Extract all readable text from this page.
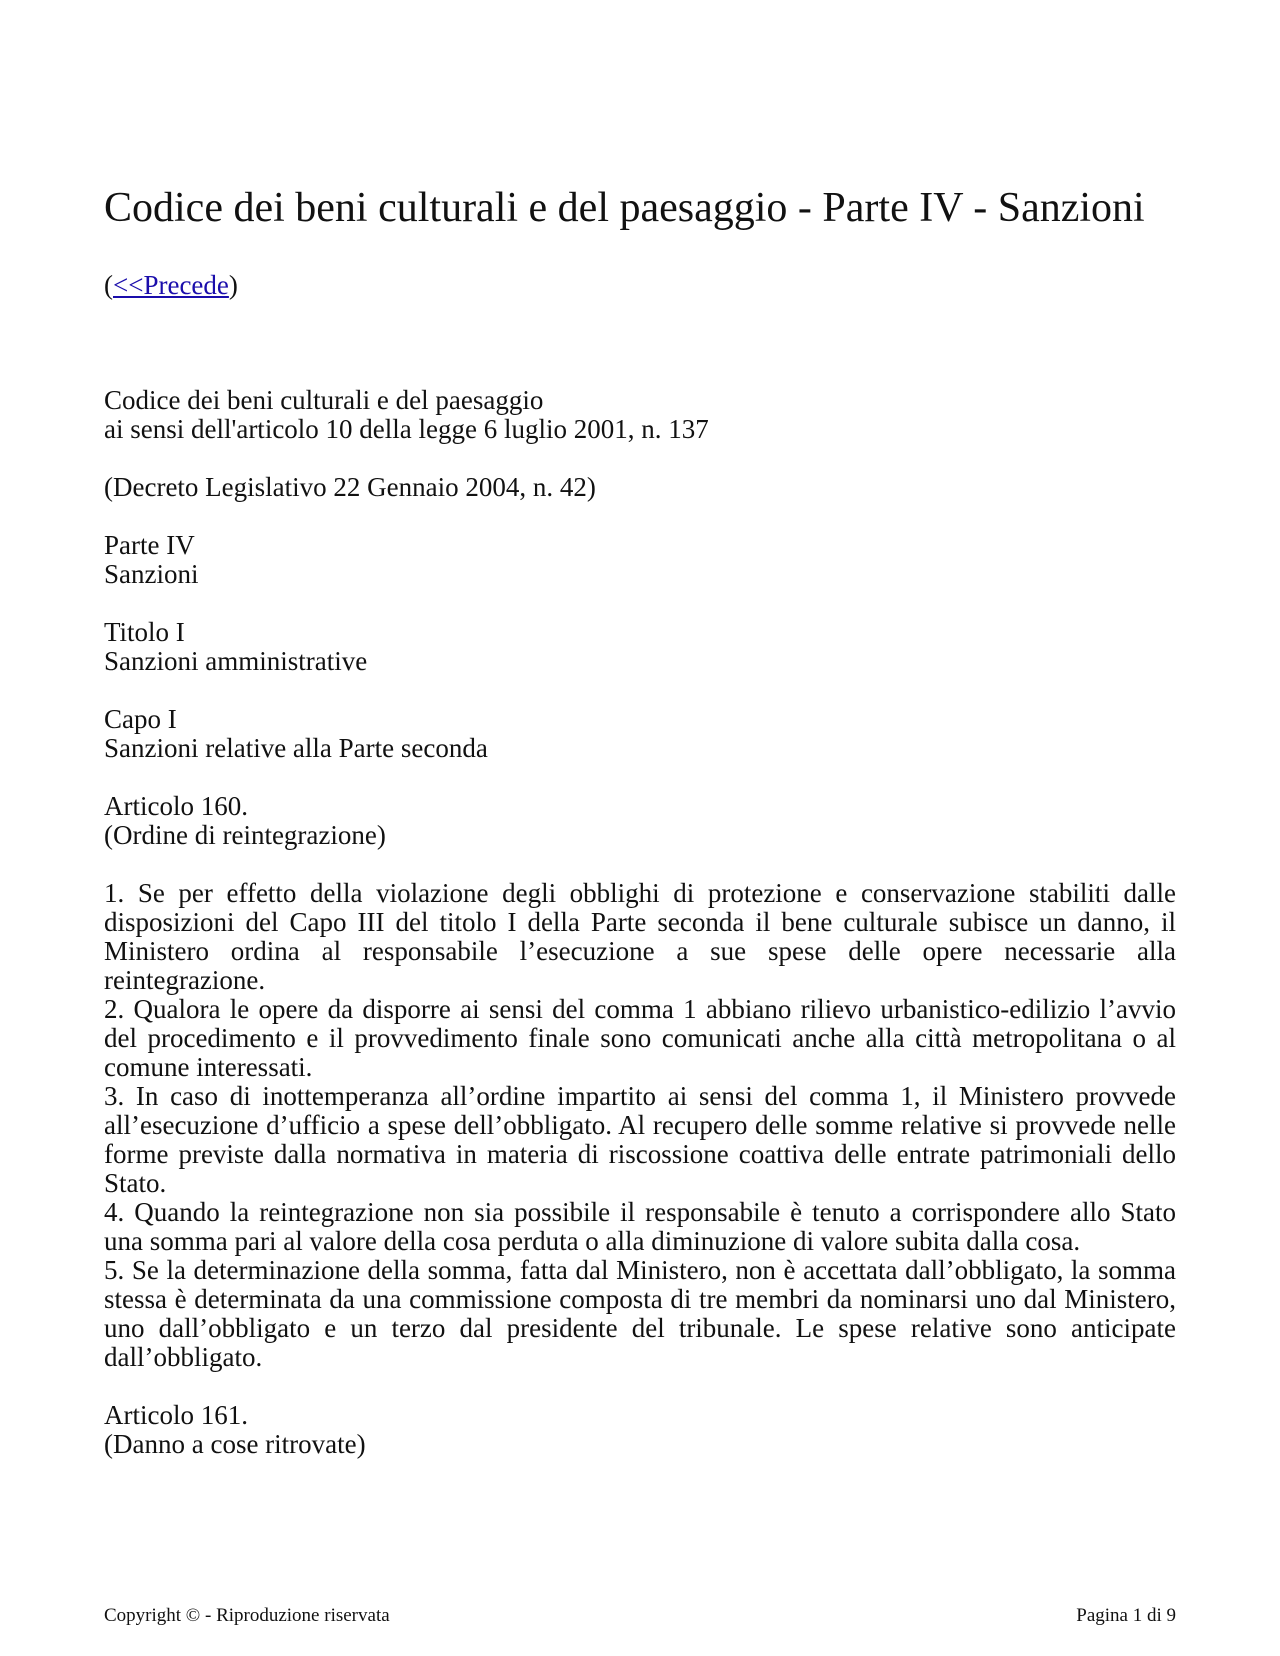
Codice dei beni culturali e del paesaggio - Parte IV - Sanzioni
(<<Precede)
Codice dei beni culturali e del paesaggio
ai sensi dell'articolo 10 della legge 6 luglio 2001, n. 137
(Decreto Legislativo 22 Gennaio 2004, n. 42)
Parte IV
Sanzioni
Titolo I
Sanzioni amministrative
Capo I
Sanzioni relative alla Parte seconda
Articolo 160.
(Ordine di reintegrazione)

1. Se per effetto della violazione degli obblighi di protezione e conservazione stabiliti dalle disposizioni del Capo III del titolo I della Parte seconda il bene culturale subisce un danno, il Ministero ordina al responsabile l’esecuzione a sue spese delle opere necessarie alla reintegrazione.

2. Qualora le opere da disporre ai sensi del comma 1 abbiano rilievo urbanistico-edilizio l’avvio del procedimento e il provvedimento finale sono comunicati anche alla città metropolitana o al comune interessati.

3. In caso di inottemperanza all’ordine impartito ai sensi del comma 1, il Ministero provvede all’esecuzione d’ufficio a spese dell’obbligato. Al recupero delle somme relative si provvede nelle forme previste dalla normativa in materia di riscossione coattiva delle entrate patrimoniali dello Stato.

4. Quando la reintegrazione non sia possibile il responsabile è tenuto a corrispondere allo Stato una somma pari al valore della cosa perduta o alla diminuzione di valore subita dalla cosa.

5. Se la determinazione della somma, fatta dal Ministero, non è accettata dall’obbligato, la somma stessa è determinata da una commissione composta di tre membri da nominarsi uno dal Ministero, uno dall’obbligato e un terzo dal presidente del tribunale. Le spese relative sono anticipate dall’obbligato.

Articolo 161.
(Danno a cose ritrovate)
Copyright © - Riproduzione riservata	Pagina 1 di 9
